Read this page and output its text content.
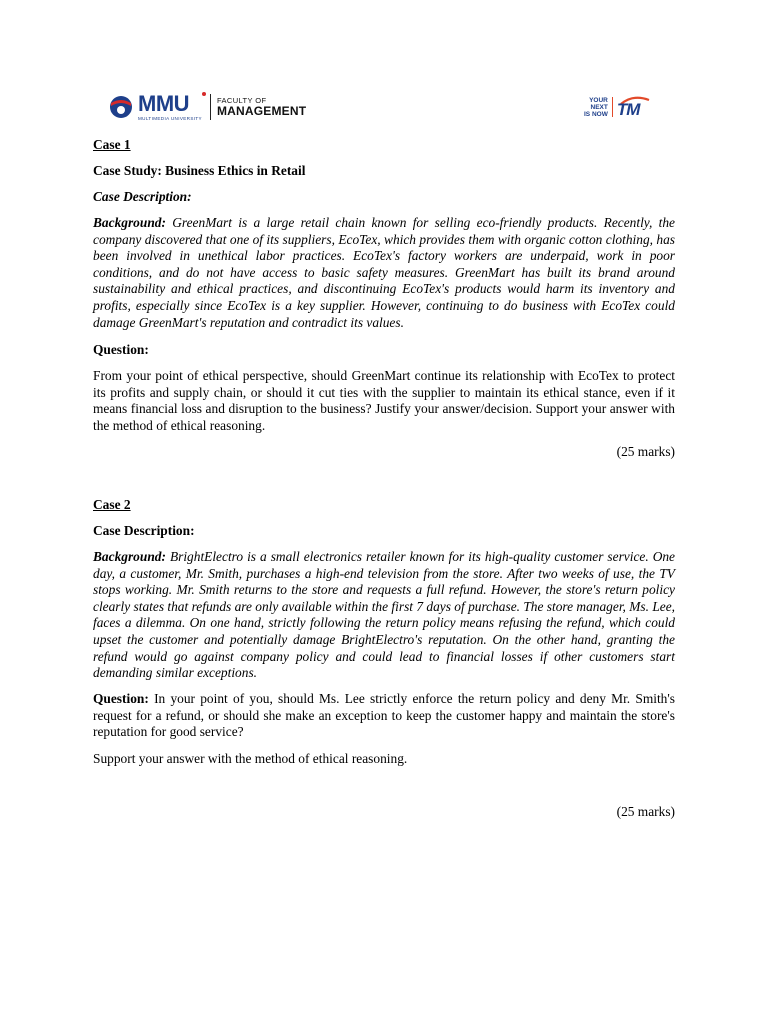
MMU
MULTIMEDIA UNIVERSITY
FACULTY OF
MANAGEMENT
YOUR
NEXT
IS NOW TM
Case 1
Case Study: Business Ethics in Retail
Case Description:
Background: GreenMart is a large retail chain known for selling eco-friendly products. Recently, the company discovered that one of its suppliers, EcoTex, which provides them with organic cotton clothing, has been involved in unethical labor practices. EcoTex's factory workers are underpaid, work in poor conditions, and do not have access to basic safety measures. GreenMart has built its brand around sustainability and ethical practices, and discontinuing EcoTex's products would harm its inventory and profits, especially since EcoTex is a key supplier. However, continuing to do business with EcoTex could damage GreenMart's reputation and contradict its values.
Question:
From your point of ethical perspective, should GreenMart continue its relationship with EcoTex to protect its profits and supply chain, or should it cut ties with the supplier to maintain its ethical stance, even if it means financial loss and disruption to the business? Justify your answer/decision. Support your answer with the method of ethical reasoning.
(25 marks)
Case 2
Case Description:
Background: BrightElectro is a small electronics retailer known for its high-quality customer service. One day, a customer, Mr. Smith, purchases a high-end television from the store. After two weeks of use, the TV stops working. Mr. Smith returns to the store and requests a full refund. However, the store's return policy clearly states that refunds are only available within the first 7 days of purchase. The store manager, Ms. Lee, faces a dilemma. On one hand, strictly following the return policy means refusing the refund, which could upset the customer and potentially damage BrightElectro's reputation. On the other hand, granting the refund would go against company policy and could lead to financial losses if other customers start demanding similar exceptions.
Question: In your point of you, should Ms. Lee strictly enforce the return policy and deny Mr. Smith's request for a refund, or should she make an exception to keep the customer happy and maintain the store's reputation for good service?
Support your answer with the method of ethical reasoning.
(25 marks)
